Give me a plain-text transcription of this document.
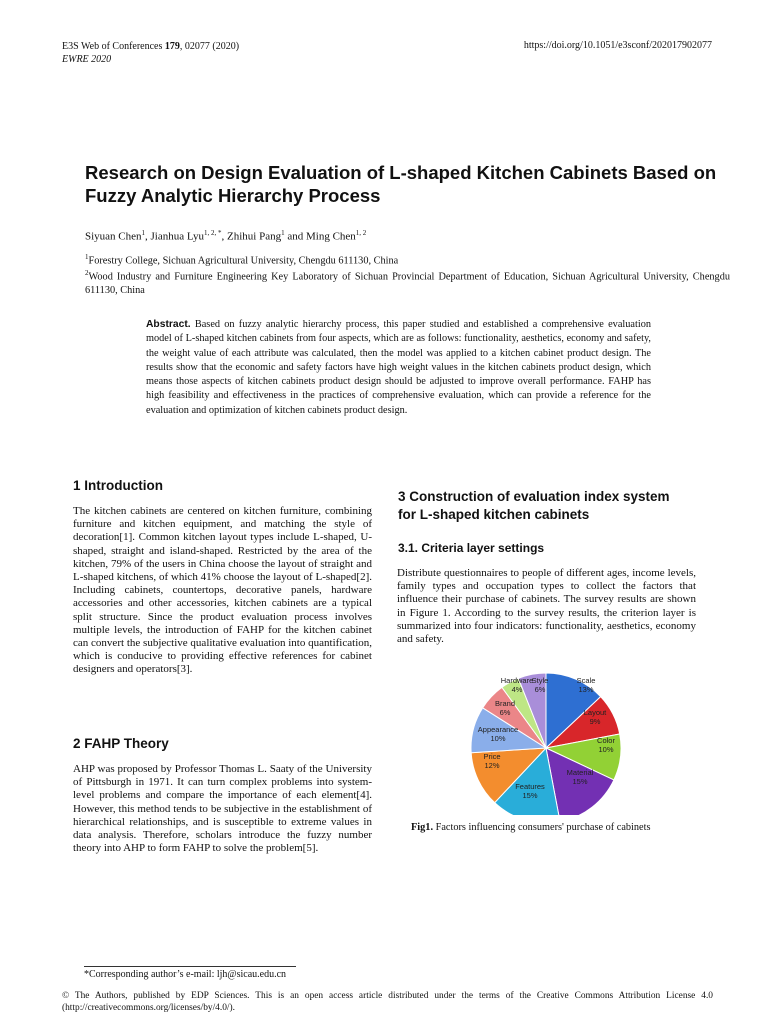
E3S Web of Conferences 179, 02077 (2020)
EWRE 2020
https://doi.org/10.1051/e3sconf/202017902077
Research on Design Evaluation of L-shaped Kitchen Cabinets Based on Fuzzy Analytic Hierarchy Process
Siyuan Chen$^1$, Jianhua Lyu$^{1, 2, *}$, Zhihui Pang$^1$ and Ming Chen$^{1, 2}$
$^1$Forestry College, Sichuan Agricultural University, Chengdu 611130, China
$^2$Wood Industry and Furniture Engineering Key Laboratory of Sichuan Provincial Department of Education, Sichuan Agricultural University, Chengdu 611130, China
Abstract. Based on fuzzy analytic hierarchy process, this paper studied and established a comprehensive evaluation model of L-shaped kitchen cabinets from four aspects, which are as follows: functionality, aesthetics, economy and safety, the weight value of each attribute was calculated, then the model was applied to a kitchen cabinet product design. The results show that the economic and safety factors have high weight values in the kitchen cabinets product design, which means those aspects of kitchen cabinets product design should be adjusted to improve overall performance. FAHP has high feasibility and effectiveness in the practices of comprehensive evaluation, which can provide a reference for the evaluation and optimization of kitchen cabinets product design.
1 Introduction
The kitchen cabinets are centered on kitchen furniture, combining furniture and kitchen equipment, and matching the style of decoration[1]. Common kitchen layout types include L-shaped, U-shaped, straight and island-shaped. Restricted by the area of the kitchen, 79% of the users in China choose the layout of straight and L-shaped kitchens, of which 41% choose the layout of L-shaped[2]. Including cabinets, countertops, decorative panels, hardware accessories and other accessories, kitchen cabinets are a typical split structure. Since the product evaluation process involves multiple levels, the introduction of FAHP for the kitchen cabinet can convert the subjective qualitative evaluation into quantification, which is conducive to providing effective references for cabinet designers and operators[3].
2 FAHP Theory
AHP was proposed by Professor Thomas L. Saaty of the University of Pittsburgh in 1971. It can turn complex problems into system-level problems and compare the importance of each element[4]. However, this method tends to be subjective in the establishment of hierarchical relationships, and is susceptible to extreme values in data analysis. Therefore, scholars introduce the fuzzy number theory into AHP to form FAHP to solve the problem[5].
3 Construction of evaluation index system for L-shaped kitchen cabinets
3.1. Criteria layer settings
Distribute questionnaires to people of different ages, income levels, family types and occupation types to collect the factors that influence their purchase of cabinets. The survey results are shown in Figure 1. According to the survey results, the criterion layer is summarized into four indicators: functionality, aesthetics, economy and safety.
Scale
13%
Layout
9%
Color
10%
Material
15%
Features
15%
Price
12%
Appearance
10%
Brand
6%
Hardware
4%
Style
6%
Fig1. Factors influencing consumers' purchase of cabinets
*Corresponding author’s e-mail: ljh@sicau.edu.cn
© The Authors, published by EDP Sciences. This is an open access article distributed under the terms of the Creative Commons Attribution License 4.0 (http://creativecommons.org/licenses/by/4.0/).
